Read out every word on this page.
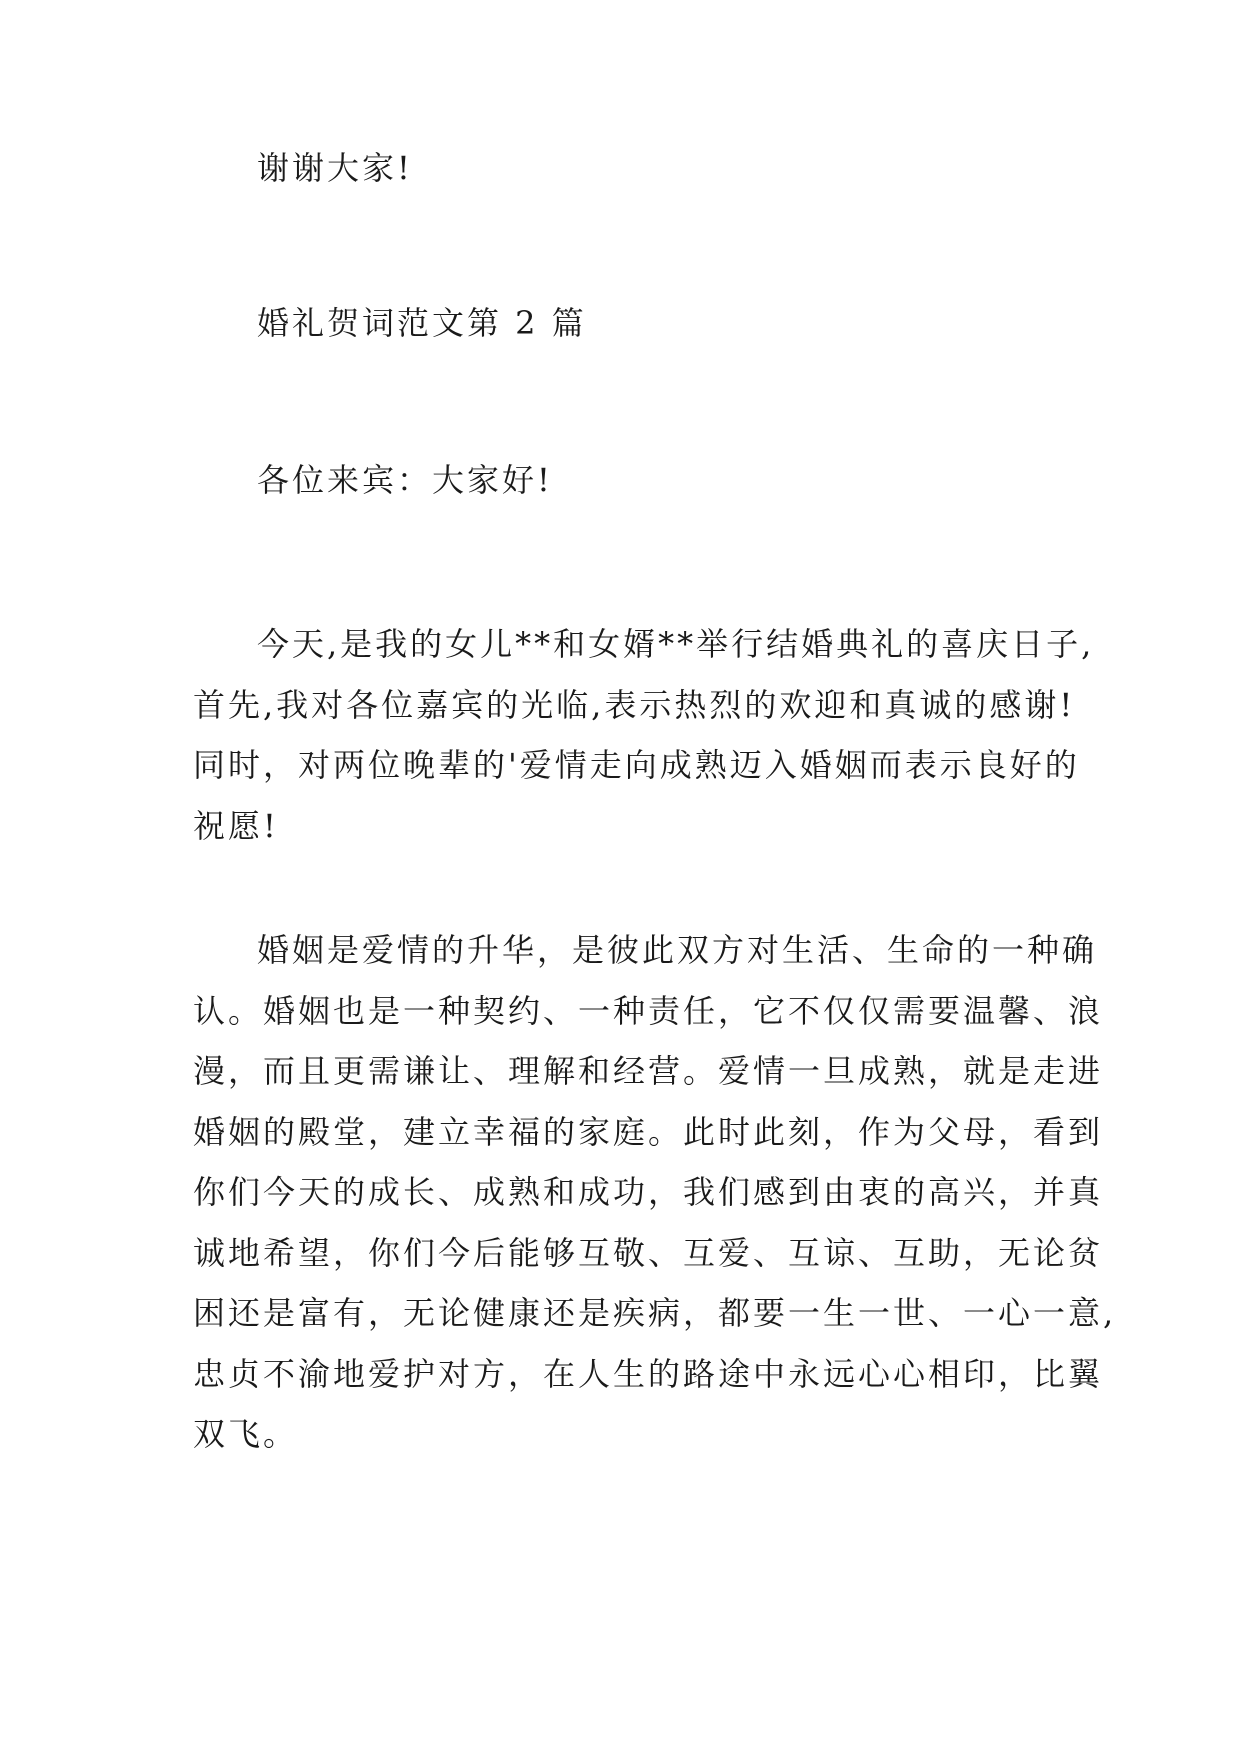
谢谢大家!

婚礼贺词范文第 2 篇

各位来宾：大家好!

今天,是我的女儿**和女婿**举行结婚典礼的喜庆日子,
首先,我对各位嘉宾的光临,表示热烈的欢迎和真诚的感谢!
同时，对两位晚辈的'爱情走向成熟迈入婚姻而表示良好的
祝愿!
婚姻是爱情的升华，是彼此双方对生活、生命的一种确
认。婚姻也是一种契约、一种责任，它不仅仅需要温馨、浪
漫，而且更需谦让、理解和经营。爱情一旦成熟，就是走进
婚姻的殿堂，建立幸福的家庭。此时此刻，作为父母，看到
你们今天的成长、成熟和成功，我们感到由衷的高兴，并真
诚地希望，你们今后能够互敬、互爱、互谅、互助，无论贫
困还是富有，无论健康还是疾病，都要一生一世、一心一意,
忠贞不渝地爱护对方，在人生的路途中永远心心相印，比翼
双飞。
